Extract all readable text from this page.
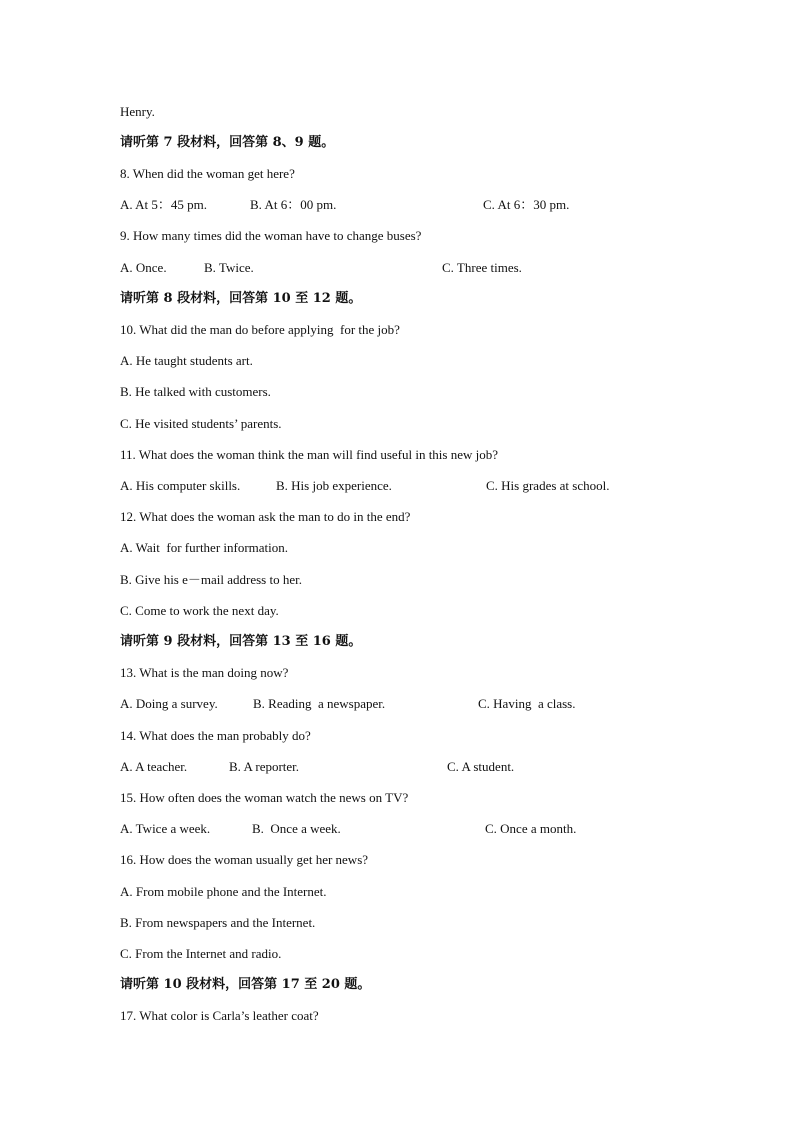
Henry.
请听第 7 段材料，回答第 8、9 题。
8. When did the woman get here?
A. At 5：45 pm.	B. At 6：00 pm.	C. At 6：30 pm.
9. How many times did the woman have to change buses?
A. Once.	B. Twice.	C. Three times.
请听第 8 段材料，回答第 10 至 12 题。
10. What did the man do before applying  for the job?
A. He taught students art.
B. He talked with customers.
C. He visited students’ parents.
11. What does the woman think the man will find useful in this new job?
A. His computer skills.	B. His job experience.	C. His grades at school.
12. What does the woman ask the man to do in the end?
A. Wait  for further information.
B. Give his e－mail address to her.
C. Come to work the next day.
请听第 9 段材料，回答第 13 至 16 题。
13. What is the man doing now?
A. Doing a survey.	B. Reading  a newspaper.	C. Having  a class.
14. What does the man probably do?
A. A teacher.	B. A reporter.	C. A student.
15. How often does the woman watch the news on TV?
A. Twice a week.	B.  Once a week.	C. Once a month.
16. How does the woman usually get her news?
A. From mobile phone and the Internet.
B. From newspapers and the Internet.
C. From the Internet and radio.
请听第 10 段材料，回答第 17 至 20 题。
17. What color is Carla’s leather coat?
